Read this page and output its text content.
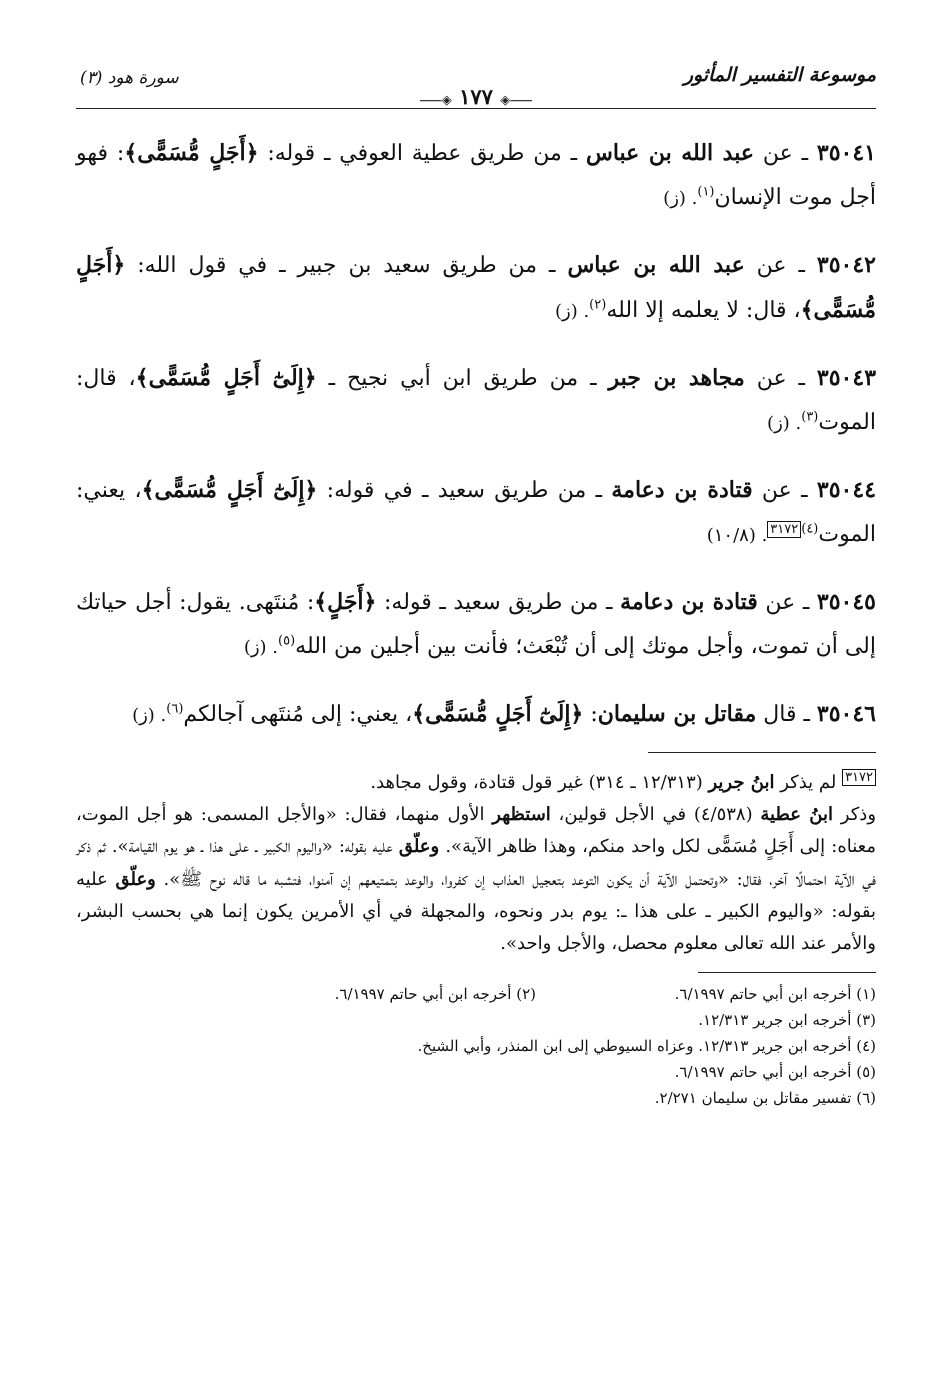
موسوعة التفسير المأثور
⸺◈ ١٧٧ ◈⸺
سورة هود (٣)

٣٥٠٤١ ـ عن عبد الله بن عباس ـ من طريق عطية العوفي ـ قوله: ﴿أَجَلٍ مُّسَمًّى﴾: فهو أجل موت الإنسان$^{(١)}$. (ز)

٣٥٠٤٢ ـ عن عبد الله بن عباس ـ من طريق سعيد بن جبير ـ في قول الله: ﴿أَجَلٍ مُّسَمًّى﴾، قال: لا يعلمه إلا الله$^{(٢)}$. (ز)

٣٥٠٤٣ ـ عن مجاهد بن جبر ـ من طريق ابن أبي نجيح ـ ﴿إِلَىٰٓ أَجَلٍ مُّسَمًّى﴾، قال: الموت$^{(٣)}$. (ز)

٣٥٠٤٤ ـ عن قتادة بن دعامة ـ من طريق سعيد ـ في قوله: ﴿إِلَىٰٓ أَجَلٍ مُّسَمًّى﴾، يعني: الموت$^{(٤)٣١٧٢}$. (١٠/٨)

٣٥٠٤٥ ـ عن قتادة بن دعامة ـ من طريق سعيد ـ قوله: ﴿أَجَلٍ﴾: مُنتَهى. يقول: أجل حياتك إلى أن تموت، وأجل موتك إلى أن تُبْعَث؛ فأنت بين أجلين من الله$^{(٥)}$. (ز)

٣٥٠٤٦ ـ قال مقاتل بن سليمان: ﴿إِلَىٰٓ أَجَلٍ مُّسَمًّى﴾، يعني: إلى مُنتَهى آجالكم$^{(٦)}$. (ز)

$^{٣١٧٢}$ لم يذكر ابنُ جرير (١٢/٣١٣ ـ ٣١٤) غير قول قتادة، وقول مجاهد.
وذكر ابنُ عطية (٤/٥٣٨) في الأجل قولين، استظهر الأول منهما، فقال: «والأجل المسمى: هو أجل الموت، معناه: إلى أَجَلٍ مُسَمًّى لكل واحد منكم، وهذا ظاهر الآية». وعلّق عليه بقوله: «واليوم الكبير ـ على هذا ـ هو يوم القيامة». ثم ذكر في الآية احتمالًا آخر، فقال: «وتحتمل الآية أن يكون التوعد بتعجيل العذاب إن كفروا، والوعد بتمتيعهم إن آمنوا، فتشبه ما قاله نوح ﷺ». وعلّق عليه بقوله: «واليوم الكبير ـ على هذا ـ: يوم بدر ونحوه، والمجهلة في أي الأمرين يكون إنما هي بحسب البشر، والأمر عند الله تعالى معلوم محصل، والأجل واحد».
(١) أخرجه ابن أبي حاتم ٦/١٩٩٧.
(٢) أخرجه ابن أبي حاتم ٦/١٩٩٧.
(٣) أخرجه ابن جرير ١٢/٣١٣.
(٤) أخرجه ابن جرير ١٢/٣١٣. وعزاه السيوطي إلى ابن المنذر، وأبي الشيخ.
(٥) أخرجه ابن أبي حاتم ٦/١٩٩٧.
(٦) تفسير مقاتل بن سليمان ٢/٢٧١.
